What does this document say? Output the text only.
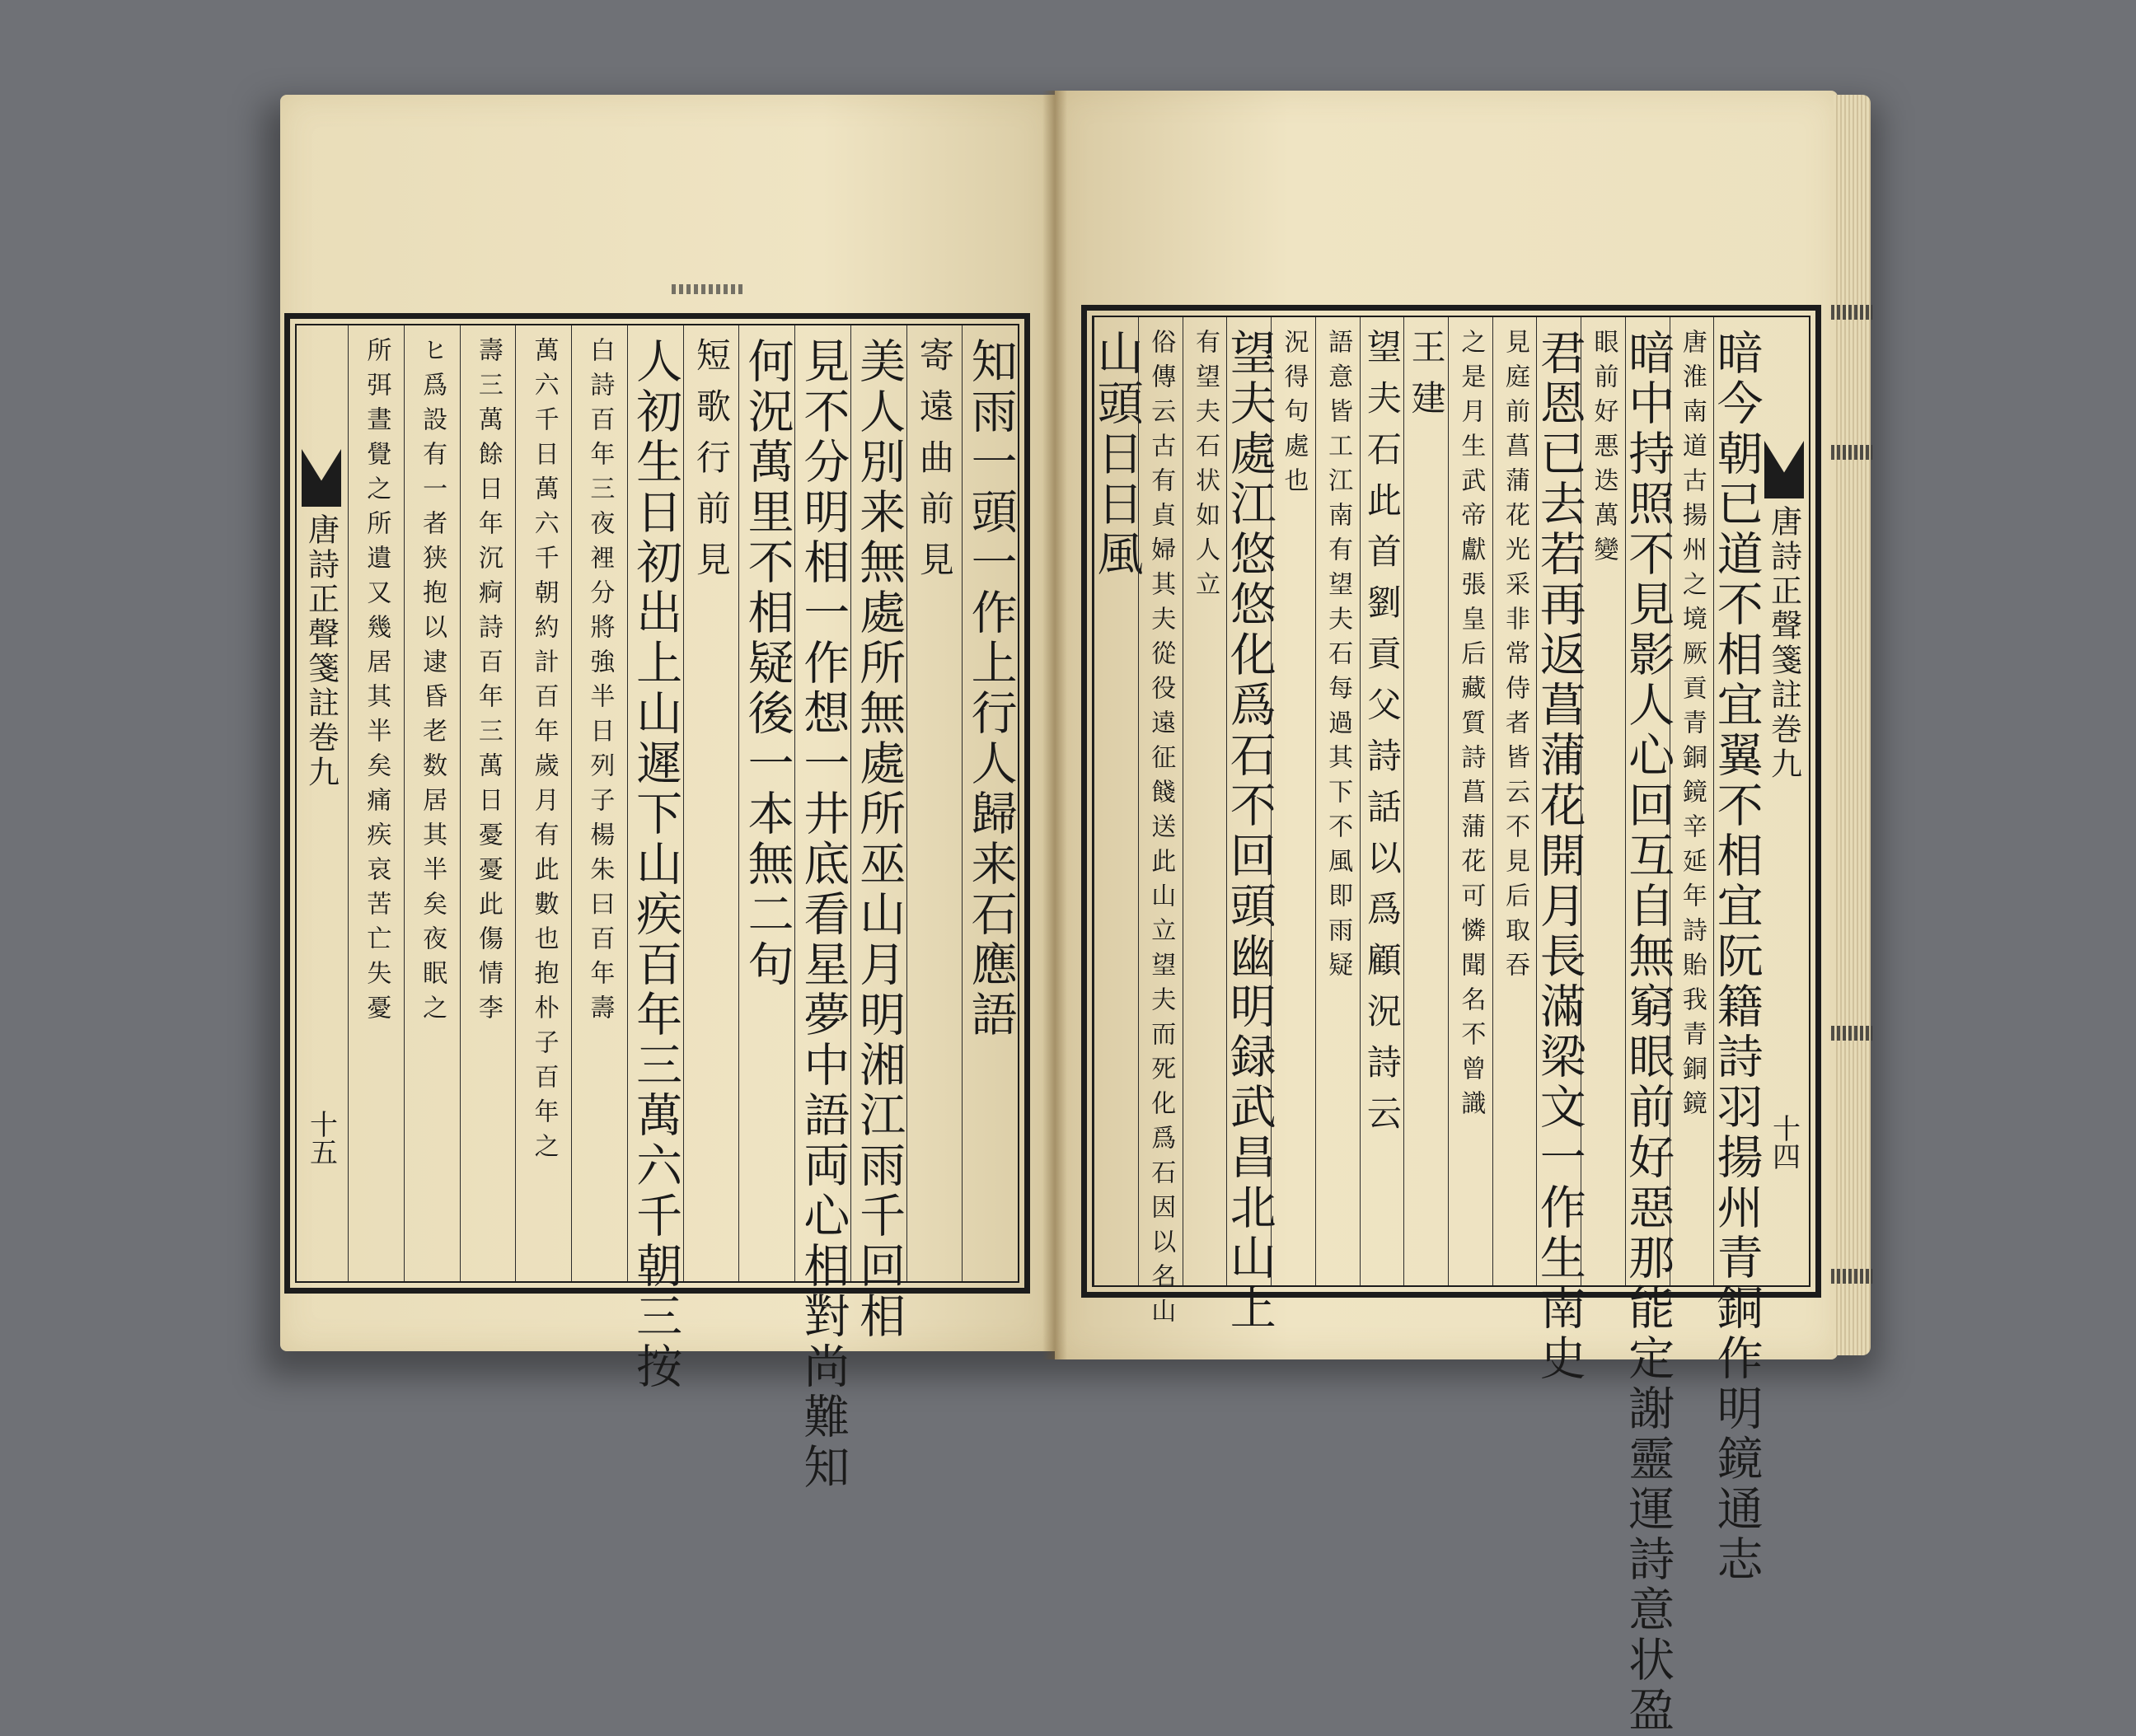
唐詩正聲箋註巻九
十五
知雨一頭一作上行人歸来石應語
寄遠曲前見
美人別来無處所無處所巫山月明湘江雨千回相
見不分明相一作想一井底看星夢中語両心相對尚難知
何況萬里不相疑後一本無二句
短歌行前見
人初生日初出上山遲下山疾百年三萬六千朝三按
白詩百年三夜裡分將強半日列子楊朱曰百年壽
萬六千日萬六千朝約計百年歲月有此數也抱朴子百年之
壽三萬餘日年沉痾詩百年三萬日憂憂此傷情李
ヒ爲設有一者狭抱以逮昏老数居其半矣夜眠之
所弭晝覺之所遺又幾居其半矣痛疾哀苦亡失憂	暗今朝已道不相宜翼不相宜阮籍詩羽揚州青銅作明鏡通志
唐淮南道古揚州之境厥貢青銅鏡辛延年詩貽我青銅鏡
暗中持照不見影人心回互自無窮眼前好惡那能定謝靈運詩意状盈
眼前好悪迭萬變
君恩已去若再返菖蒲花開月長滿梁文一作生南史
見庭前菖蒲花光采非常侍者皆云不見后取吞
之是月生武帝獻張皇后藏質詩菖蒲花可憐聞名不曾識
王建
望夫石此首劉貢父詩話以爲顧況詩云
語意皆工江南有望夫石每過其下不風即雨疑
況得句處也
望夫處江悠悠化爲石不回頭幽明録武昌北山上
有望夫石状如人立
俗傳云古有貞婦其夫從役遠征餞送此山立望夫而死化爲石因以名山
山頭日日風
唐詩正聲箋註巻九
十四
